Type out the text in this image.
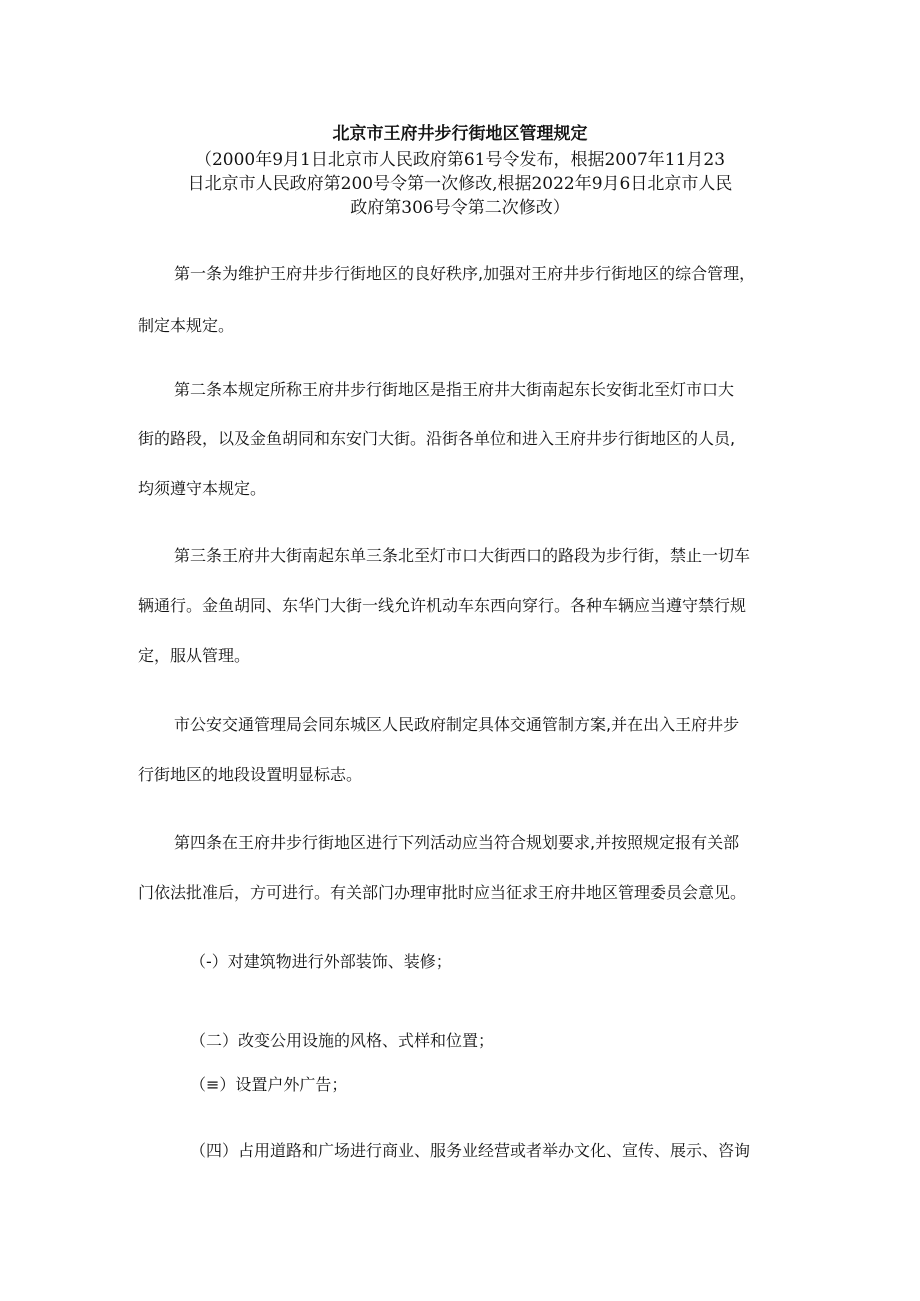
北京市王府井步行街地区管理规定
（2000年9月1日北京市人民政府第61号令发布，根据2007年11月23
日北京市人民政府第200号令第一次修改,根据2022年9月6日北京市人民
政府第306号令第二次修改）
第一条为维护王府井步行街地区的良好秩序,加强对王府井步行街地区的综合管理，
制定本规定。
第二条本规定所称王府井步行街地区是指王府井大街南起东长安街北至灯市口大
街的路段，以及金鱼胡同和东安门大街。沿街各单位和进入王府井步行街地区的人员,
均须遵守本规定。
第三条王府井大街南起东单三条北至灯市口大街西口的路段为步行街，禁止一切车
辆通行。金鱼胡同、东华门大街一线允许机动车东西向穿行。各种车辆应当遵守禁行规
定，服从管理。
市公安交通管理局会同东城区人民政府制定具体交通管制方案,并在出入王府井步
行街地区的地段设置明显标志。
第四条在王府井步行街地区进行下列活动应当符合规划要求,并按照规定报有关部
门依法批准后，方可进行。有关部门办理审批时应当征求王府井地区管理委员会意见。
（-）对建筑物进行外部装饰、装修；
（二）改变公用设施的风格、式样和位置；
（≡）设置户外广告；
（四）占用道路和广场进行商业、服务业经营或者举办文化、宣传、展示、咨询
